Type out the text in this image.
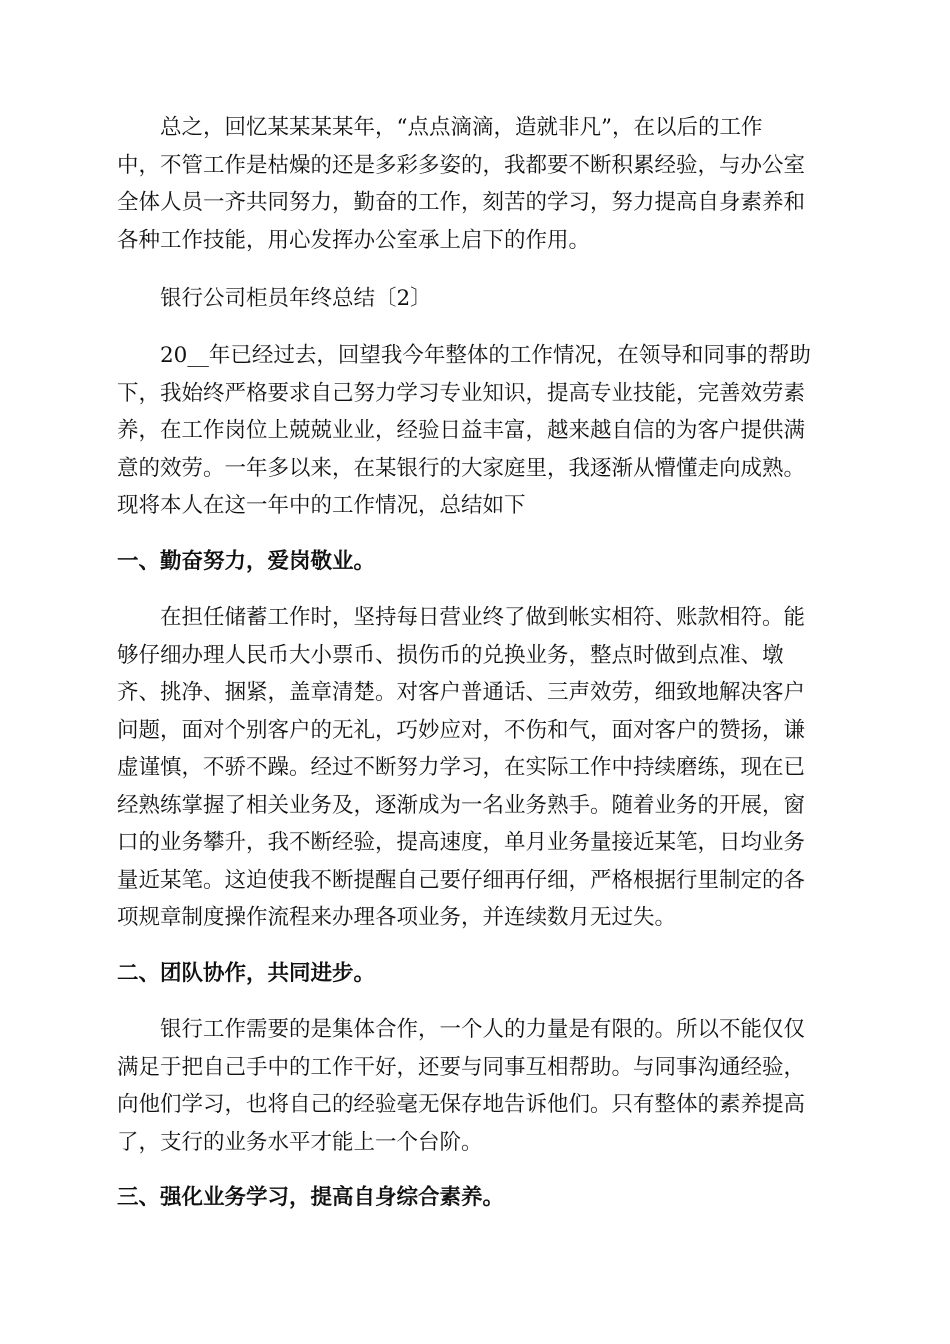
总之，回忆某某某某年，“点点滴滴，造就非凡”，在以后的工作
中，不管工作是枯燥的还是多彩多姿的，我都要不断积累经验，与办公室
全体人员一齐共同努力，勤奋的工作，刻苦的学习，努力提高自身素养和
各种工作技能，用心发挥办公室承上启下的作用。
银行公司柜员年终总结〔2〕
20__年已经过去，回望我今年整体的工作情况，在领导和同事的帮助
下，我始终严格要求自己努力学习专业知识，提高专业技能，完善效劳素
养，在工作岗位上兢兢业业，经验日益丰富，越来越自信的为客户提供满
意的效劳。一年多以来，在某银行的大家庭里，我逐渐从懵懂走向成熟。
现将本人在这一年中的工作情况，总结如下
一、勤奋努力，爱岗敬业。
在担任储蓄工作时，坚持每日营业终了做到帐实相符、账款相符。能
够仔细办理人民币大小票币、损伤币的兑换业务，整点时做到点准、墩
齐、挑净、捆紧，盖章清楚。对客户普通话、三声效劳，细致地解决客户
问题，面对个别客户的无礼，巧妙应对，不伤和气，面对客户的赞扬，谦
虚谨慎，不骄不躁。经过不断努力学习，在实际工作中持续磨练，现在已
经熟练掌握了相关业务及，逐渐成为一名业务熟手。随着业务的开展，窗
口的业务攀升，我不断经验，提高速度，单月业务量接近某笔，日均业务
量近某笔。这迫使我不断提醒自己要仔细再仔细，严格根据行里制定的各
项规章制度操作流程来办理各项业务，并连续数月无过失。
二、团队协作，共同进步。
银行工作需要的是集体合作，一个人的力量是有限的。所以不能仅仅
满足于把自己手中的工作干好，还要与同事互相帮助。与同事沟通经验，
向他们学习，也将自己的经验毫无保存地告诉他们。只有整体的素养提高
了，支行的业务水平才能上一个台阶。
三、强化业务学习，提高自身综合素养。
